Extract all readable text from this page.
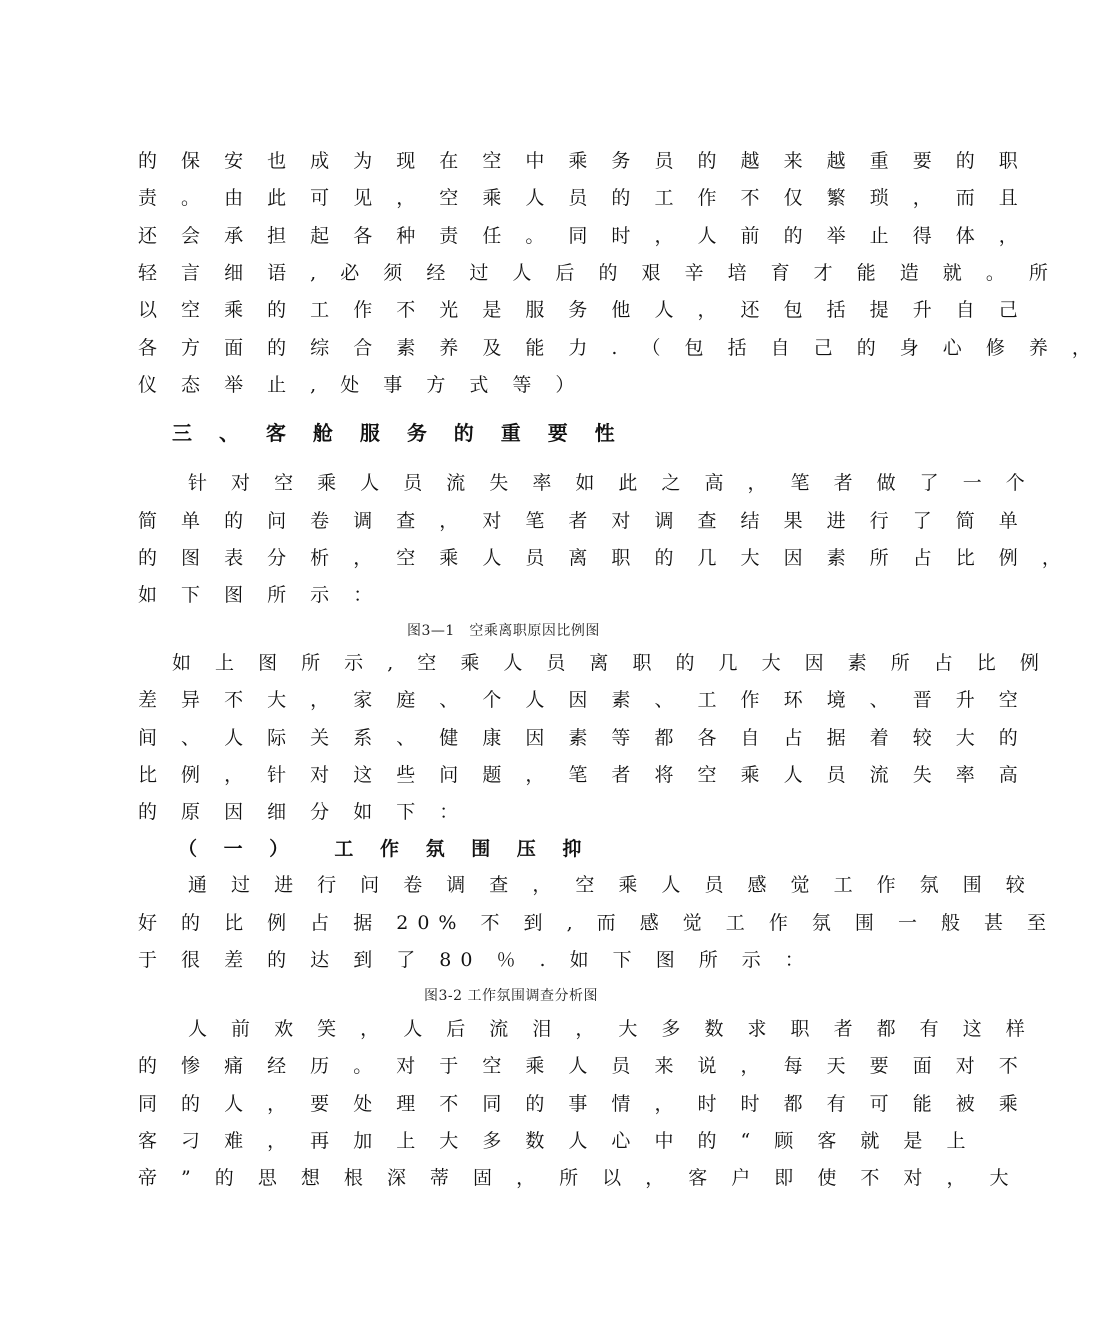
的 保 安 也 成 为 现 在 空 中 乘 务 员 的 越 来 越 重 要 的 职
责 。 由 此 可 见 ， 空 乘 人 员 的 工 作 不 仅 繁 琐 ， 而 且
还 会 承 担 起 各 种 责 任 。 同 时 ， 人 前 的 举 止 得 体 ，
轻 言 细 语 , 必 须 经 过 人 后 的 艰 辛 培 育 才 能 造 就 。 所
以 空 乘 的 工 作 不 光 是 服 务 他 人 ， 还 包 括 提 升 自 己
各 方 面 的 综 合 素 养 及 能 力 . （ 包 括 自 己 的 身 心 修 养 ，
仪 态 举 止 , 处 事 方 式 等 ）
三 、 客 舱 服 务 的 重 要 性
针 对 空 乘 人 员 流 失 率 如 此 之 高 ， 笔 者 做 了 一 个
简 单 的 问 卷 调 查 ， 对 笔 者 对 调 查 结 果 进 行 了 简 单
的 图 表 分 析 ， 空 乘 人 员 离 职 的 几 大 因 素 所 占 比 例 ，
如 下 图 所 示 ：
图3—1　空乘离职原因比例图
如 上 图 所 示 , 空 乘 人 员 离 职 的 几 大 因 素 所 占 比 例
差 异 不 大 ， 家 庭 、 个 人 因 素 、 工 作 环 境 、 晋 升 空
间 、 人 际 关 系 、 健 康 因 素 等 都 各 自 占 据 着 较 大 的
比 例 ， 针 对 这 些 问 题 ， 笔 者 将 空 乘 人 员 流 失 率 高
的 原 因 细 分 如 下 ：
（ 一 ）　 工 作 氛 围 压 抑
通 过 进 行 问 卷 调 查 ， 空 乘 人 员 感 觉 工 作 氛 围 较
好 的 比 例 占 据 20% 不 到 , 而 感 觉 工 作 氛 围 一 般 甚 至
于 很 差 的 达 到 了 80 ％ . 如 下 图 所 示 ：
图3-2 工作氛围调查分析图
人 前 欢 笑 ， 人 后 流 泪 ， 大 多 数 求 职 者 都 有 这 样
的 惨 痛 经 历 。 对 于 空 乘 人 员 来 说 ， 每 天 要 面 对 不
同 的 人 ， 要 处 理 不 同 的 事 情 ， 时 时 都 有 可 能 被 乘
客 刁 难 ， 再 加 上 大 多 数 人 心 中 的 “ 顾 客 就 是 上
帝 ” 的 思 想 根 深 蒂 固 ， 所 以 ， 客 户 即 使 不 对 ， 大
